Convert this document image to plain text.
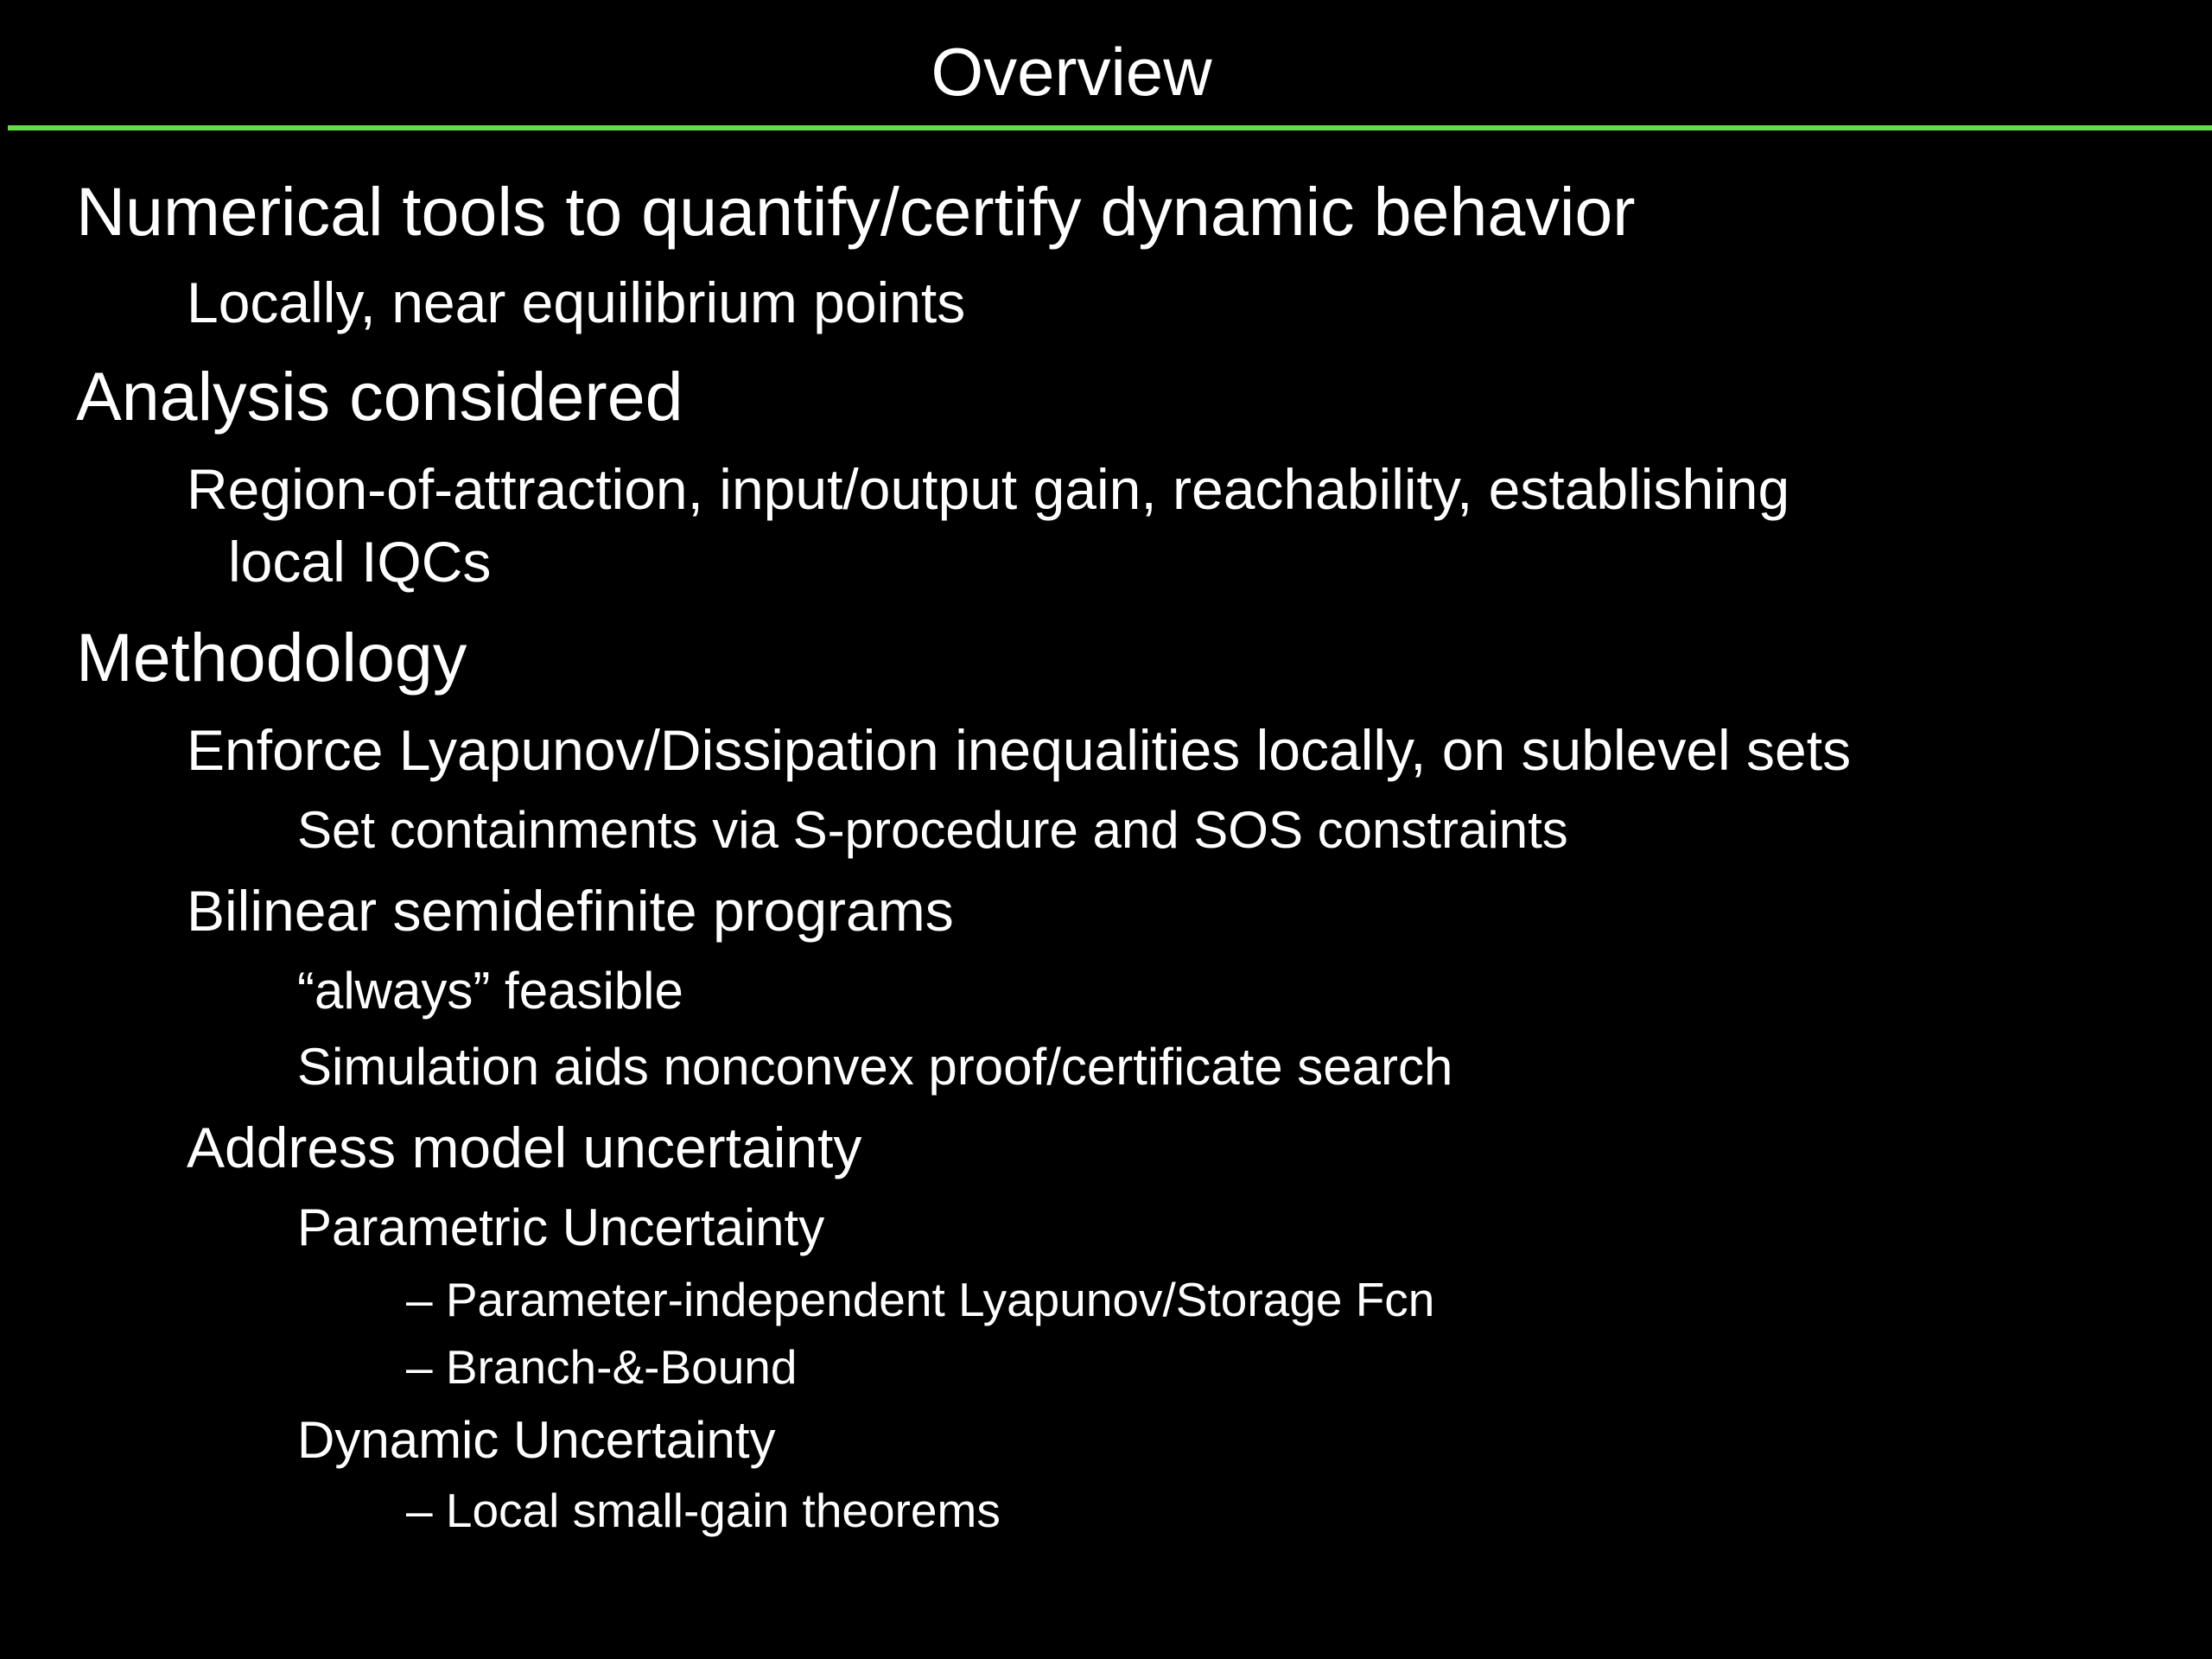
Overview
Numerical tools to quantify/certify dynamic behavior
Locally, near equilibrium points
Analysis considered
Region-of-attraction, input/output gain, reachability, establishing
local IQCs
Methodology
Enforce Lyapunov/Dissipation inequalities locally, on sublevel sets
Set containments via S-procedure and SOS constraints
Bilinear semidefinite programs
“always” feasible
Simulation aids nonconvex proof/certificate search
Address model uncertainty
Parametric Uncertainty
– Parameter-independent Lyapunov/Storage Fcn
– Branch-&-Bound
Dynamic Uncertainty
– Local small-gain theorems
